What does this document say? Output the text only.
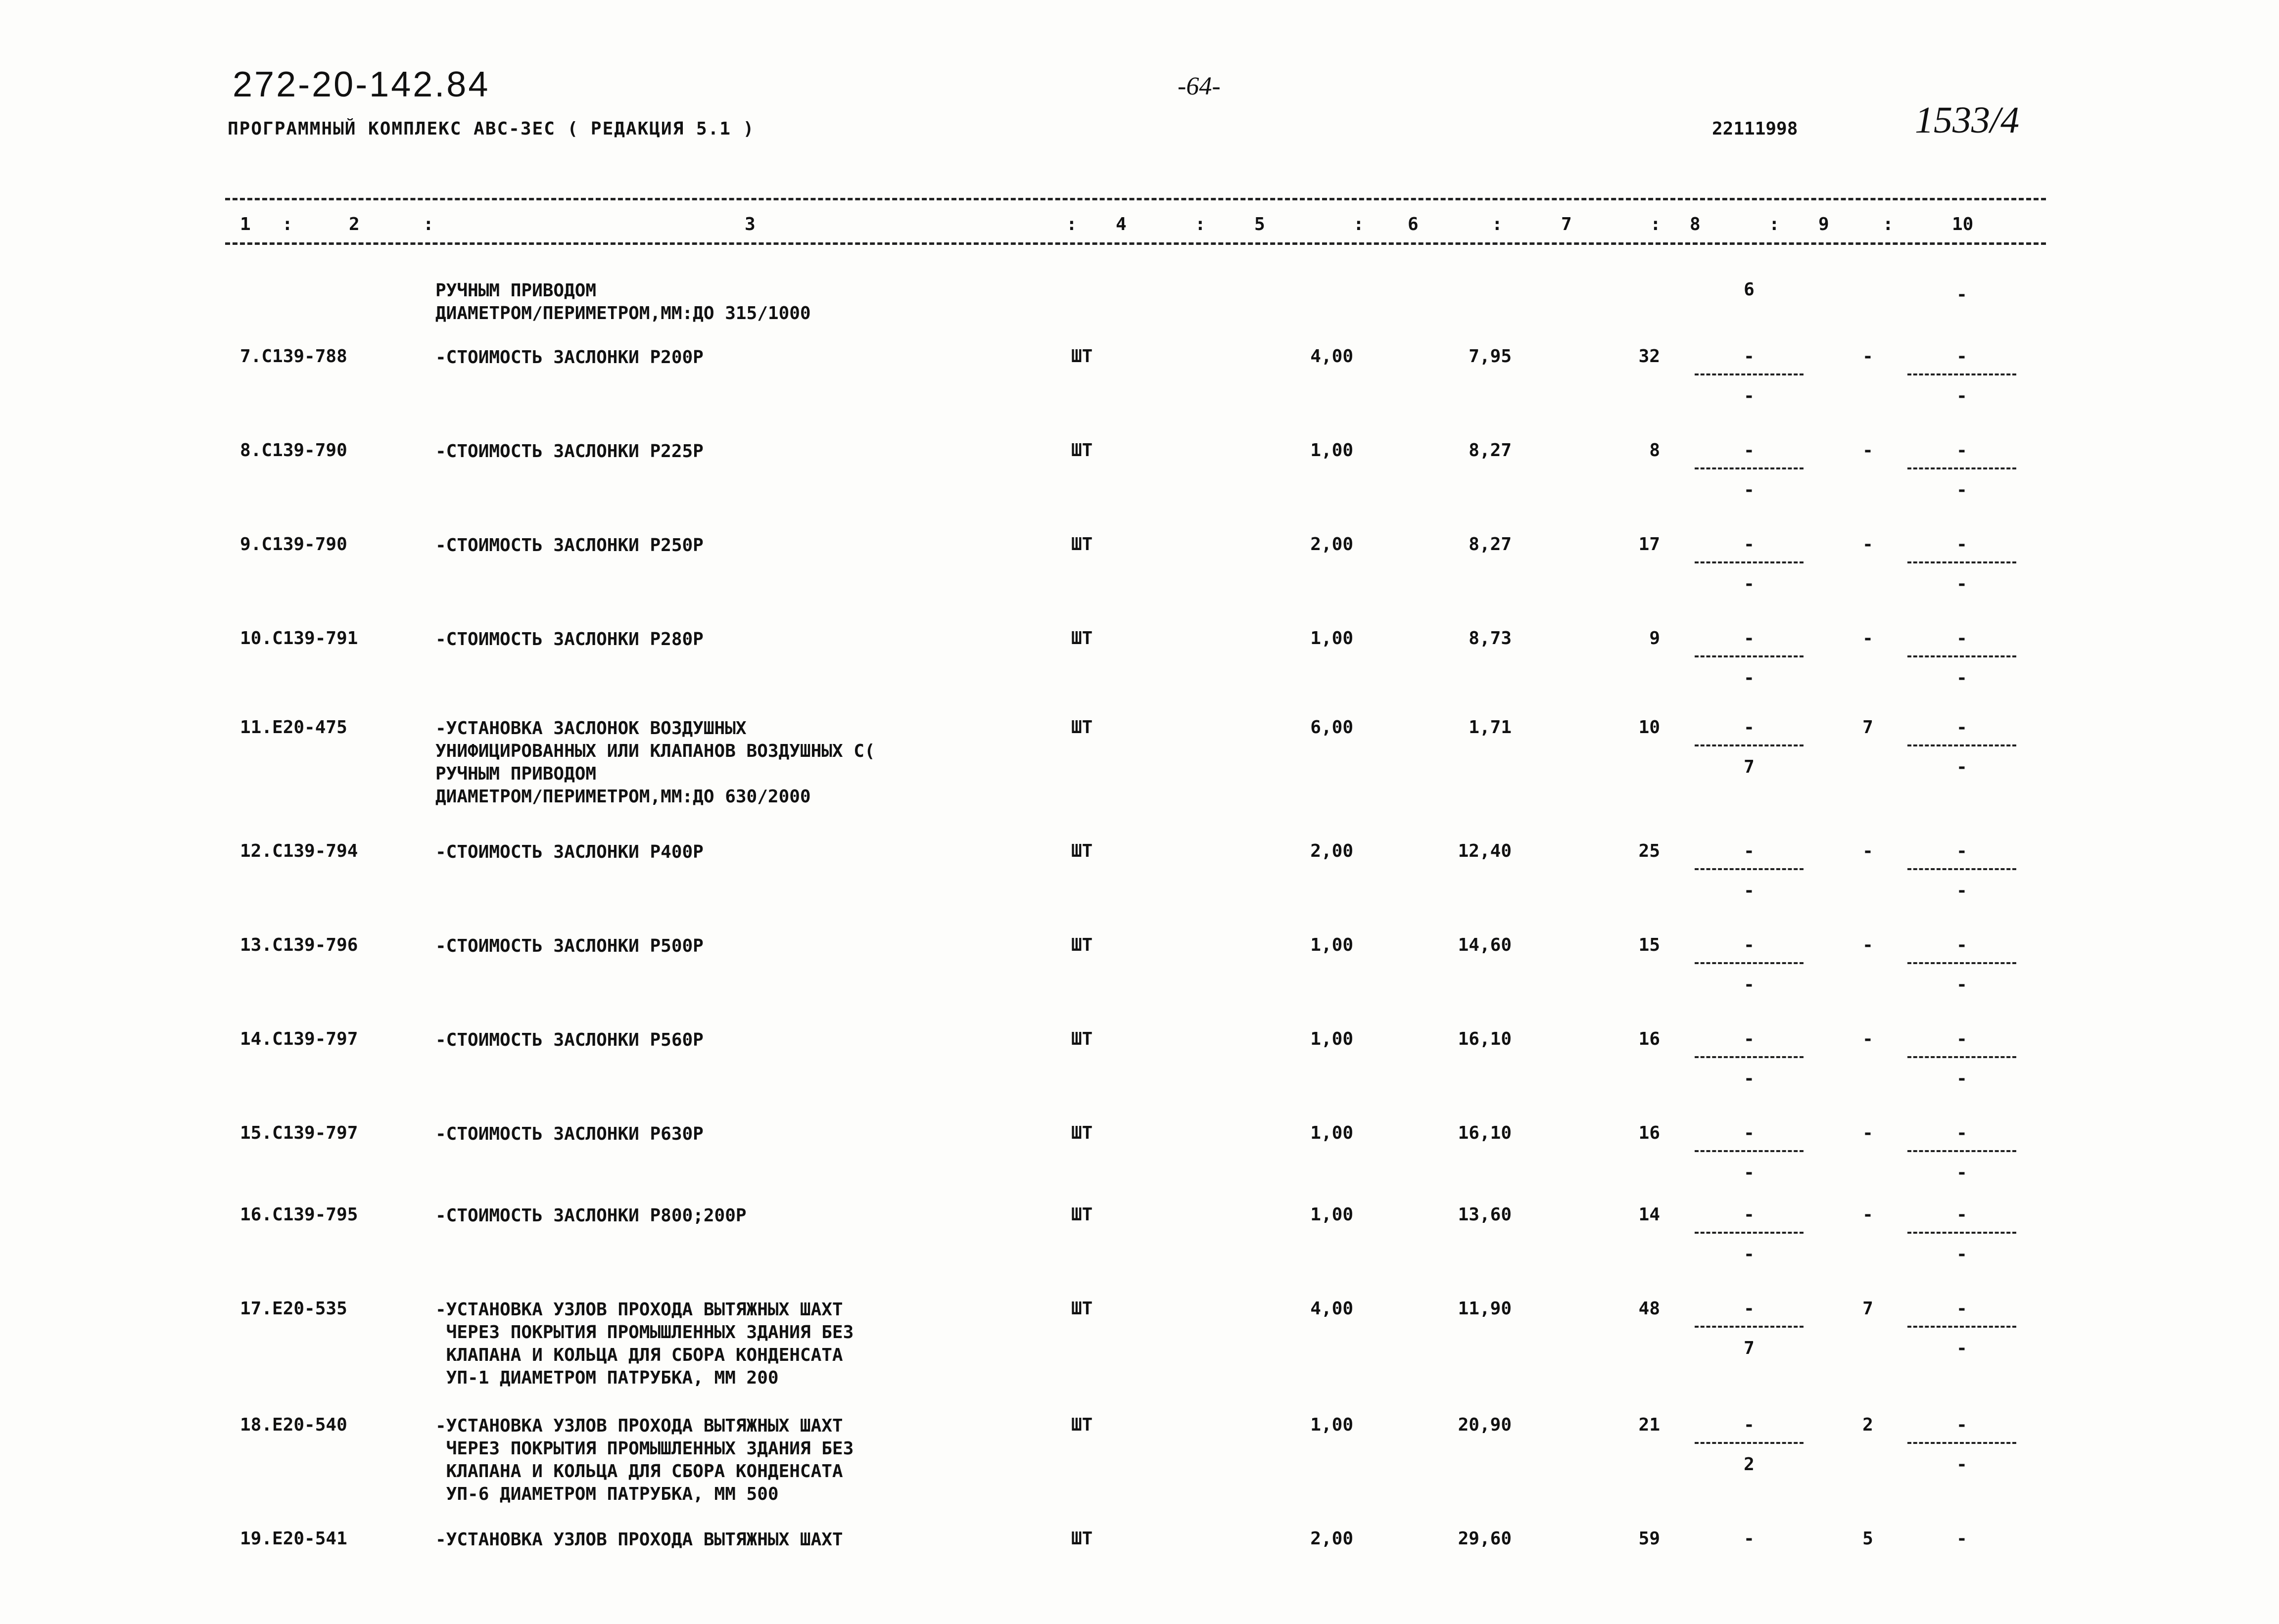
272-20-142.84
ПРОГРАММНЫЙ КОМПЛЕКС АВС-3ЕС ( РЕДАКЦИЯ 5.1 )
-64-
22111998	1533/4
1 :	2	:	3	: 4	:	5	: 6	:	7	: 8	: 9	:	10
РУЧНЫМ ПРИВОДОМ
ДИАМЕТРОМ/ПЕРИМЕТРОМ,ММ:ДО 315/1000
6	-
7.С139-788	-СТОИМОСТЬ ЗАСЛОНКИ Р200Р	ШТ	4,00	7,95	32	-	-	-
-	-
8.С139-790	-СТОИМОСТЬ ЗАСЛОНКИ Р225Р	ШТ	1,00	8,27	8	-	-	-
-	-
9.С139-790	-СТОИМОСТЬ ЗАСЛОНКИ Р250Р	ШТ	2,00	8,27	17	-	-	-
-	-
10.С139-791	-СТОИМОСТЬ ЗАСЛОНКИ Р280Р	ШТ	1,00	8,73	9	-	-	-
-	-
11.Е20-475	-УСТАНОВКА ЗАСЛОНОК ВОЗДУШНЫХ
УНИФИЦИРОВАННЫХ ИЛИ КЛАПАНОВ ВОЗДУШНЫХ С(
РУЧНЫМ ПРИВОДОМ
ДИАМЕТРОМ/ПЕРИМЕТРОМ,ММ:ДО 630/2000
ШТ	6,00	1,71	10	-	7	-
7	-
12.С139-794	-СТОИМОСТЬ ЗАСЛОНКИ Р400Р	ШТ	2,00	12,40	25	-	-	-
-	-
13.С139-796	-СТОИМОСТЬ ЗАСЛОНКИ Р500Р	ШТ	1,00	14,60	15	-	-	-
-	-
14.С139-797	-СТОИМОСТЬ ЗАСЛОНКИ Р560Р	ШТ	1,00	16,10	16	-	-	-
-	-
15.С139-797	-СТОИМОСТЬ ЗАСЛОНКИ Р630Р	ШТ	1,00	16,10	16	-	-	-
-	-
16.С139-795	-СТОИМОСТЬ ЗАСЛОНКИ Р800;200Р	ШТ	1,00	13,60	14	-	-	-
-	-
17.Е20-535	-УСТАНОВКА УЗЛОВ ПРОХОДА ВЫТЯЖНЫХ ШАХТ
ЧЕРЕЗ ПОКРЫТИЯ ПРОМЫШЛЕННЫХ ЗДАНИЯ БЕЗ
КЛАПАНА И КОЛЬЦА ДЛЯ СБОРА КОНДЕНСАТА
УП-1 ДИАМЕТРОМ ПАТРУБКА, ММ 200
ШТ	4,00	11,90	48	-	7	-
7	-
18.Е20-540	-УСТАНОВКА УЗЛОВ ПРОХОДА ВЫТЯЖНЫХ ШАХТ
ЧЕРЕЗ ПОКРЫТИЯ ПРОМЫШЛЕННЫХ ЗДАНИЯ БЕЗ
КЛАПАНА И КОЛЬЦА ДЛЯ СБОРА КОНДЕНСАТА
УП-6 ДИАМЕТРОМ ПАТРУБКА, ММ 500
ШТ	1,00	20,90	21	-	2	-
2	-
19.Е20-541	-УСТАНОВКА УЗЛОВ ПРОХОДА ВЫТЯЖНЫХ ШАХТ	ШТ	2,00	29,60	59	-	5	-
